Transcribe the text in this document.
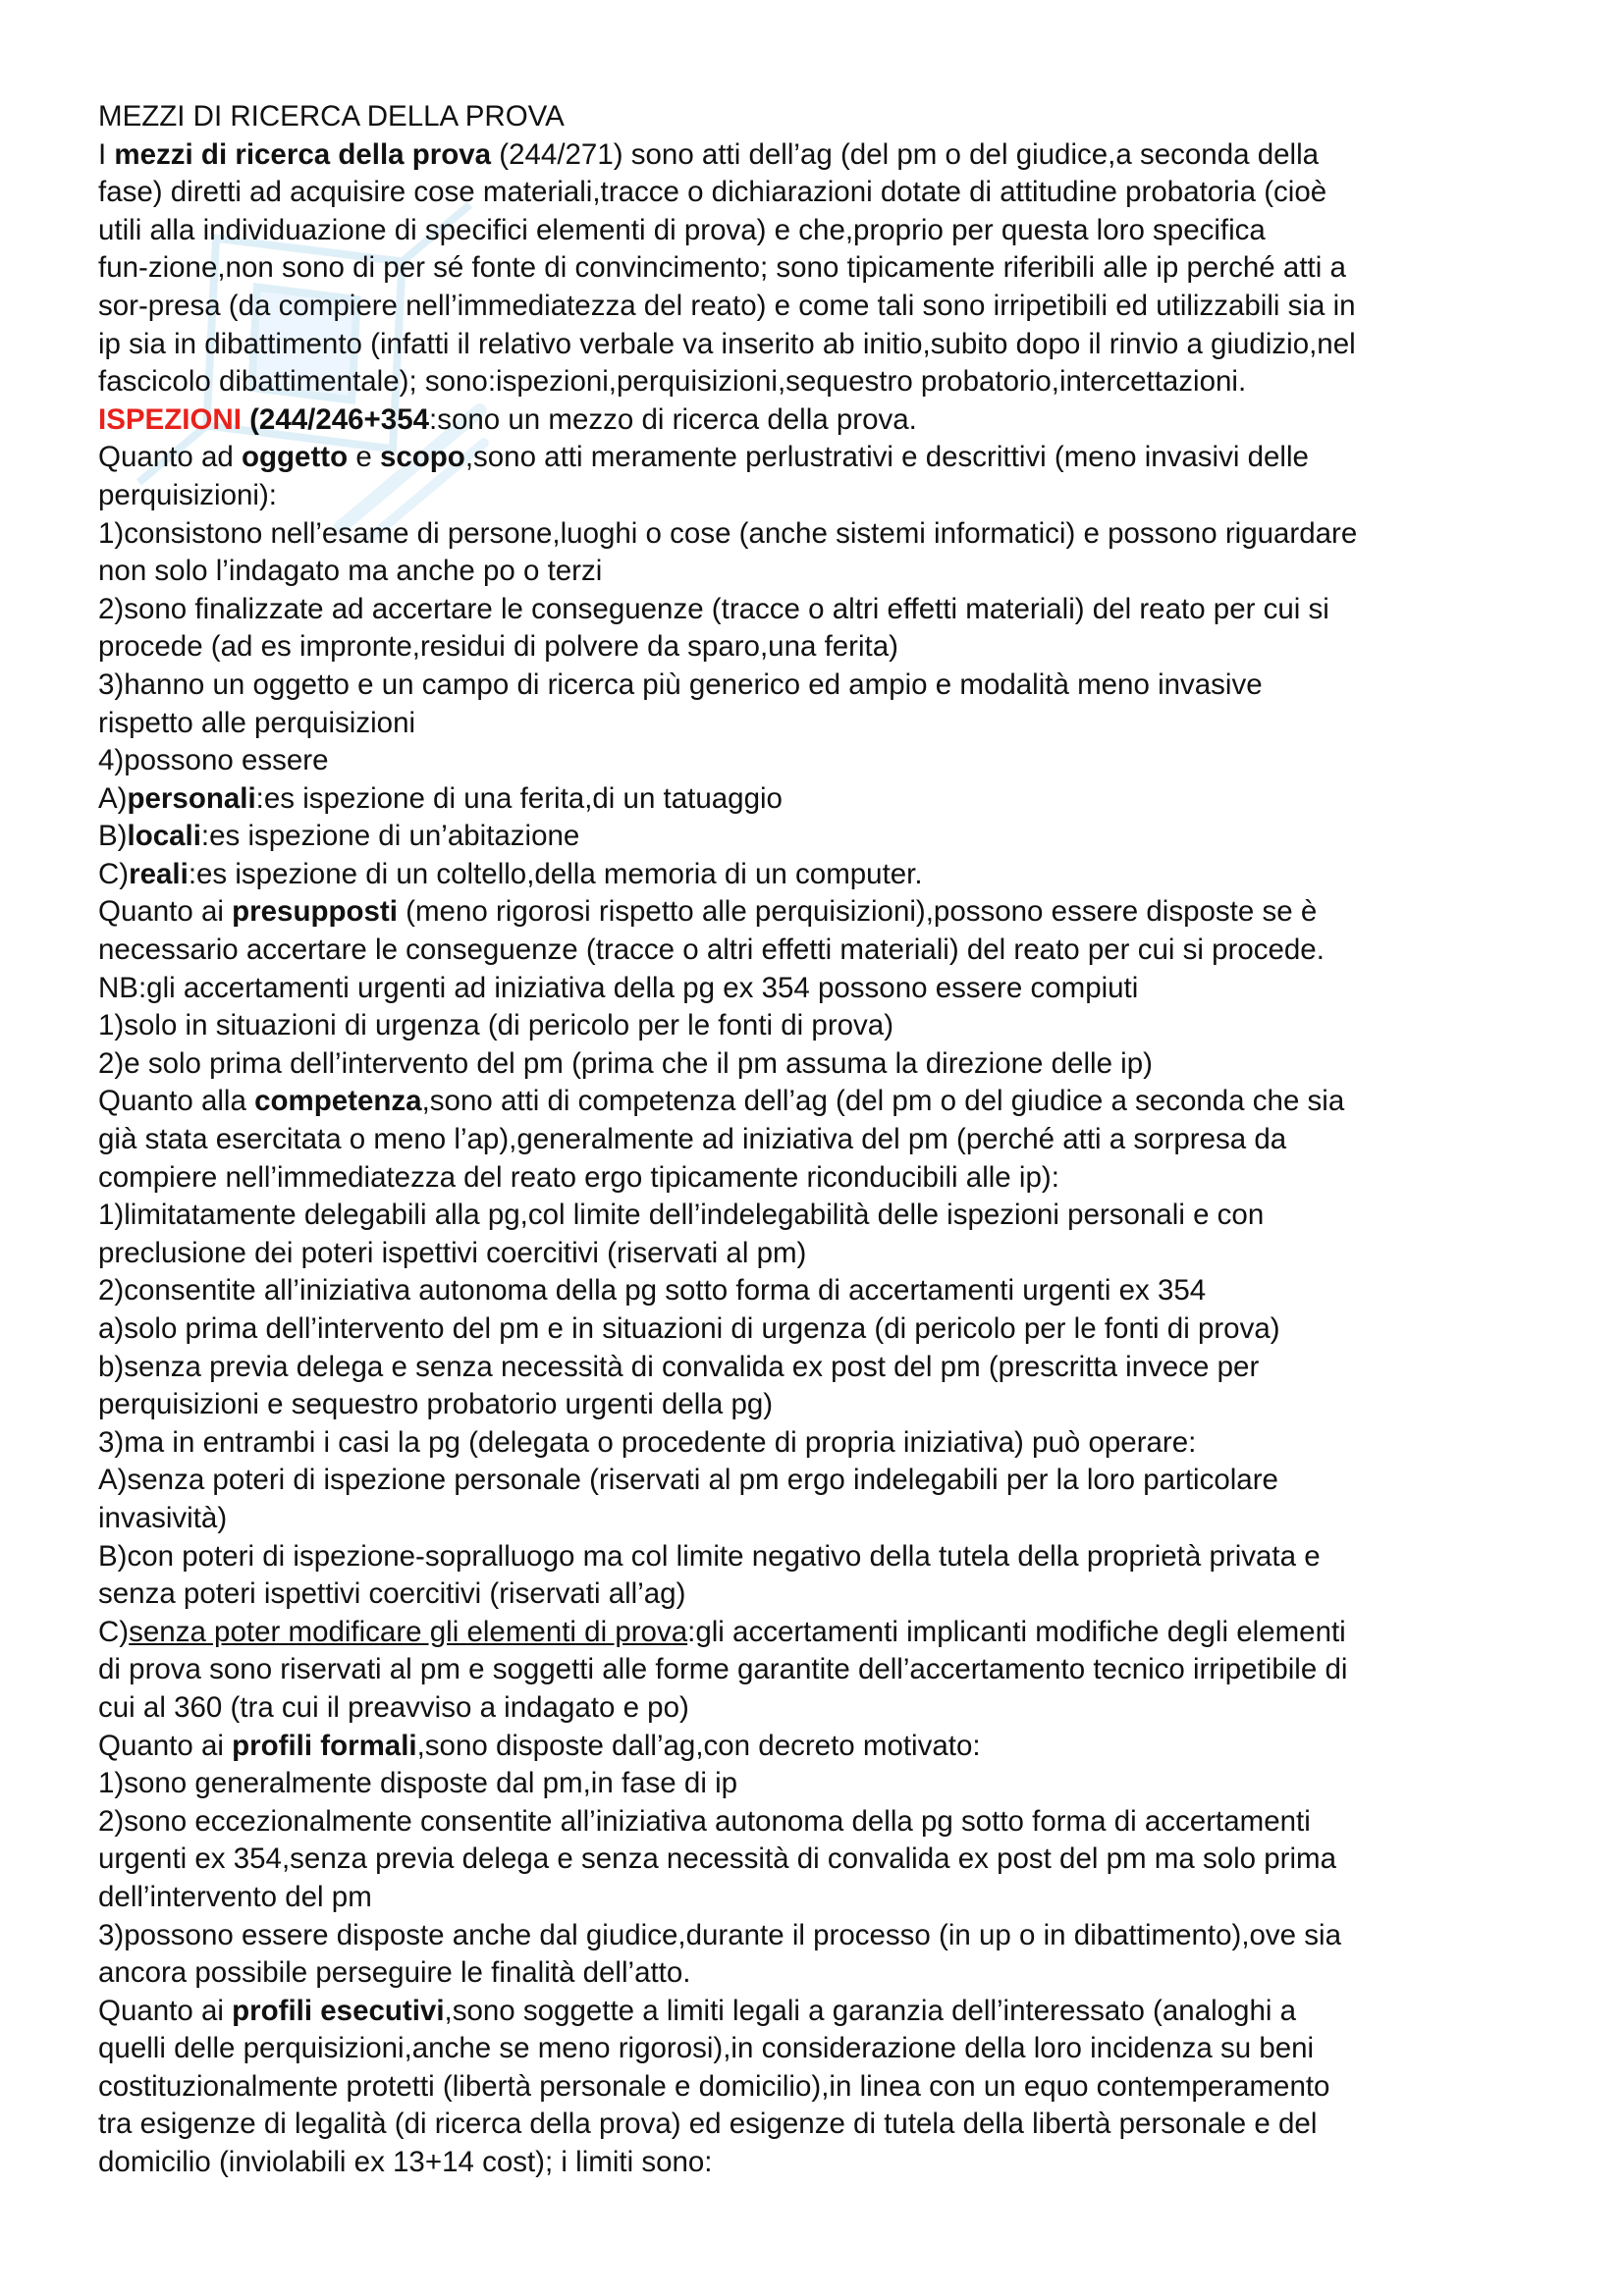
MEZZI DI RICERCA DELLA PROVA

I mezzi di ricerca della prova (244/271) sono atti dell’ag (del pm o del giudice,a seconda della

fase) diretti ad acquisire cose materiali,tracce o dichiarazioni dotate di attitudine probatoria (cioè

utili alla individuazione di specifici elementi di prova) e che,proprio per questa loro specifica

fun-zione,non sono di per sé fonte di convincimento; sono tipicamente riferibili alle ip perché atti a

sor-presa (da compiere nell’immediatezza del reato) e come tali sono irripetibili ed utilizzabili sia in

ip sia in dibattimento (infatti il relativo verbale va inserito ab initio,subito dopo il rinvio a giudizio,nel

fascicolo dibattimentale); sono:ispezioni,perquisizioni,sequestro probatorio,intercettazioni.

ISPEZIONI (244/246+354:sono un mezzo di ricerca della prova.

Quanto ad oggetto e scopo,sono atti meramente perlustrativi e descrittivi (meno invasivi delle

perquisizioni):

1)consistono nell’esame di persone,luoghi o cose (anche sistemi informatici) e possono riguardare

non solo l’indagato ma anche po o terzi

2)sono finalizzate ad accertare le conseguenze (tracce o altri effetti materiali) del reato per cui si

procede (ad es impronte,residui di polvere da sparo,una ferita)

3)hanno un oggetto e un campo di ricerca più generico ed ampio e modalità meno invasive

rispetto alle perquisizioni

4)possono essere

A)personali:es ispezione di una ferita,di un tatuaggio

B)locali:es ispezione di un’abitazione

C)reali:es ispezione di un coltello,della memoria di un computer.

Quanto ai presupposti (meno rigorosi rispetto alle perquisizioni),possono essere disposte se è

necessario accertare le conseguenze (tracce o altri effetti materiali) del reato per cui si procede.

NB:gli accertamenti urgenti ad iniziativa della pg ex 354 possono essere compiuti

1)solo in situazioni di urgenza (di pericolo per le fonti di prova)

2)e solo prima dell’intervento del pm (prima che il pm assuma la direzione delle ip)

Quanto alla competenza,sono atti di competenza dell’ag (del pm o del giudice a seconda che sia

già stata esercitata o meno l’ap),generalmente ad iniziativa del pm (perché atti a sorpresa da

compiere nell’immediatezza del reato ergo tipicamente riconducibili alle ip):

1)limitatamente delegabili alla pg,col limite dell’indelegabilità delle ispezioni personali e con

preclusione dei poteri ispettivi coercitivi (riservati al pm)

2)consentite all’iniziativa autonoma della pg sotto forma di accertamenti urgenti ex 354

a)solo prima dell’intervento del pm e in situazioni di urgenza (di pericolo per le fonti di prova)

b)senza previa delega e senza necessità di convalida ex post del pm (prescritta invece per

perquisizioni e sequestro probatorio urgenti della pg)

3)ma in entrambi i casi la pg (delegata o procedente di propria iniziativa) può operare:

A)senza poteri di ispezione personale (riservati al pm ergo indelegabili per la loro particolare

invasività)

B)con poteri di ispezione-sopralluogo ma col limite negativo della tutela della proprietà privata e

senza poteri ispettivi coercitivi (riservati all’ag)

C)senza poter modificare gli elementi di prova:gli accertamenti implicanti modifiche degli elementi

di prova sono riservati al pm e soggetti alle forme garantite dell’accertamento tecnico irripetibile di

cui al 360 (tra cui il preavviso a indagato e po)

Quanto ai profili formali,sono disposte dall’ag,con decreto motivato:

1)sono generalmente disposte dal pm,in fase di ip

2)sono eccezionalmente consentite all’iniziativa autonoma della pg sotto forma di accertamenti

urgenti ex 354,senza previa delega e senza necessità di convalida ex post del pm ma solo prima

dell’intervento del pm

3)possono essere disposte anche dal giudice,durante il processo (in up o in dibattimento),ove sia

ancora possibile perseguire le finalità dell’atto.

Quanto ai profili esecutivi,sono soggette a limiti legali a garanzia dell’interessato (analoghi a

quelli delle perquisizioni,anche se meno rigorosi),in considerazione della loro incidenza su beni

costituzionalmente protetti (libertà personale e domicilio),in linea con un equo contemperamento

tra esigenze di legalità (di ricerca della prova) ed esigenze di tutela della libertà personale e del

domicilio (inviolabili ex 13+14 cost); i limiti sono:
